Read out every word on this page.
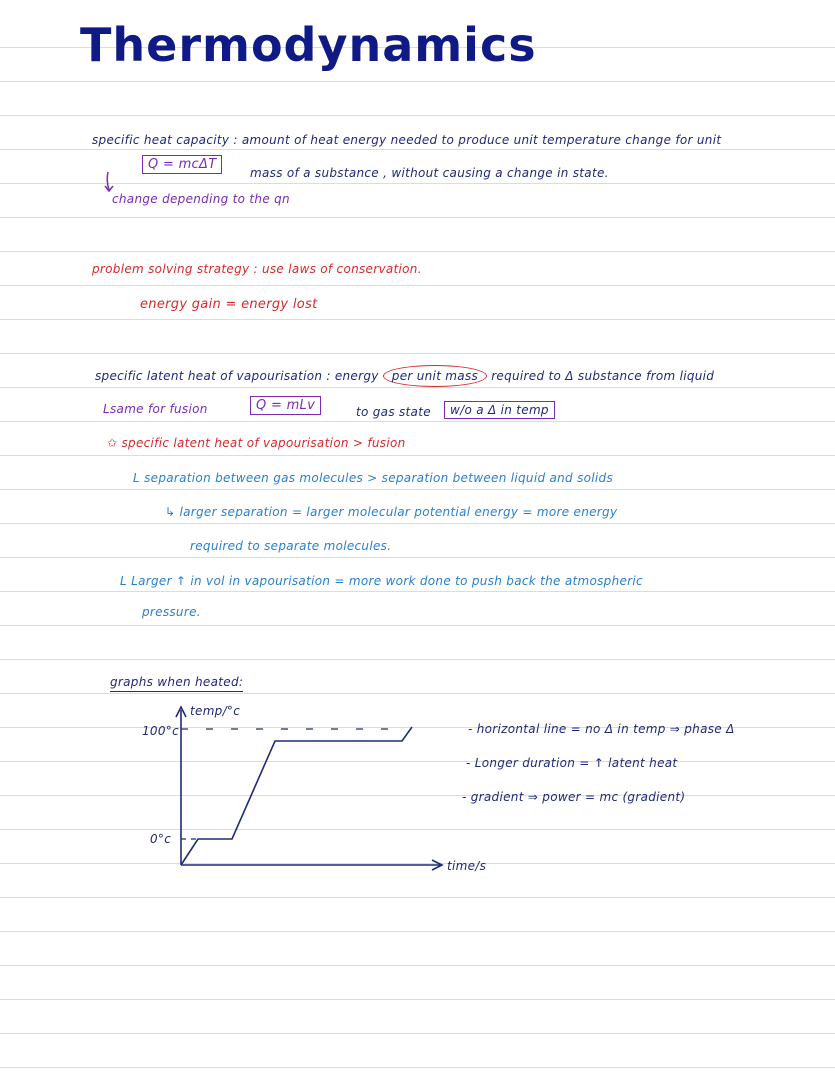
Thermodynamics
specific heat capacity : amount of heat energy needed to produce unit temperature change for unit
Q = mcΔT
mass of a substance , without causing a change in state.
change depending to the qn
problem solving strategy : use laws of conservation.
energy gain = energy lost
specific latent heat of vapourisation : energy per unit mass required to Δ substance from liquid
Lsame for fusion	Q = mLv	to gas state	w/o a Δ in temp
✩ specific latent heat of vapourisation > fusion
L separation between gas molecules > separation between liquid and solids
↳ larger separation = larger molecular potential energy = more energy
required to separate molecules.
L Larger ↑ in vol in vapourisation = more work done to push back the atmospheric
pressure.
graphs when heated:
temp/°c
100°c
0°c
time/s
- horizontal line = no Δ in temp ⇒ phase Δ
- Longer duration = ↑ latent heat
- gradient ⇒ power = mc (gradient)
